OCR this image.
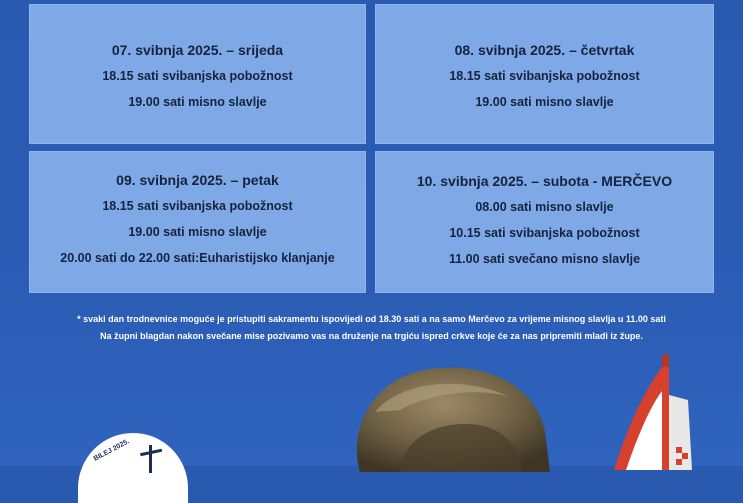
07. svibnja 2025. – srijeda
18.15 sati svibanjska pobožnost
19.00 sati misno slavlje
08. svibnja 2025. – četvrtak
18.15 sati svibanjska pobožnost
19.00 sati misno slavlje
09. svibnja 2025. – petak
18.15 sati svibanjska pobožnost
19.00 sati misno slavlje
20.00 sati do 22.00 sati:Euharistijsko klanjanje
10. svibnja 2025. – subota - MERČEVO
08.00 sati misno slavlje
10.15 sati svibanjska pobožnost
11.00 sati svečano misno slavlje
* svaki dan trodnevnice moguće je pristupiti sakramentu ispovijedi od 18.30 sati a na samo Merčevo za vrijeme misnog slavlja u 11.00 sati
Na župni blagdan nakon svečane mise pozivamo vas na druženje na trgiću ispred crkve koje će za nas pripremiti mladi iz župe.
BILEJ 2025.
